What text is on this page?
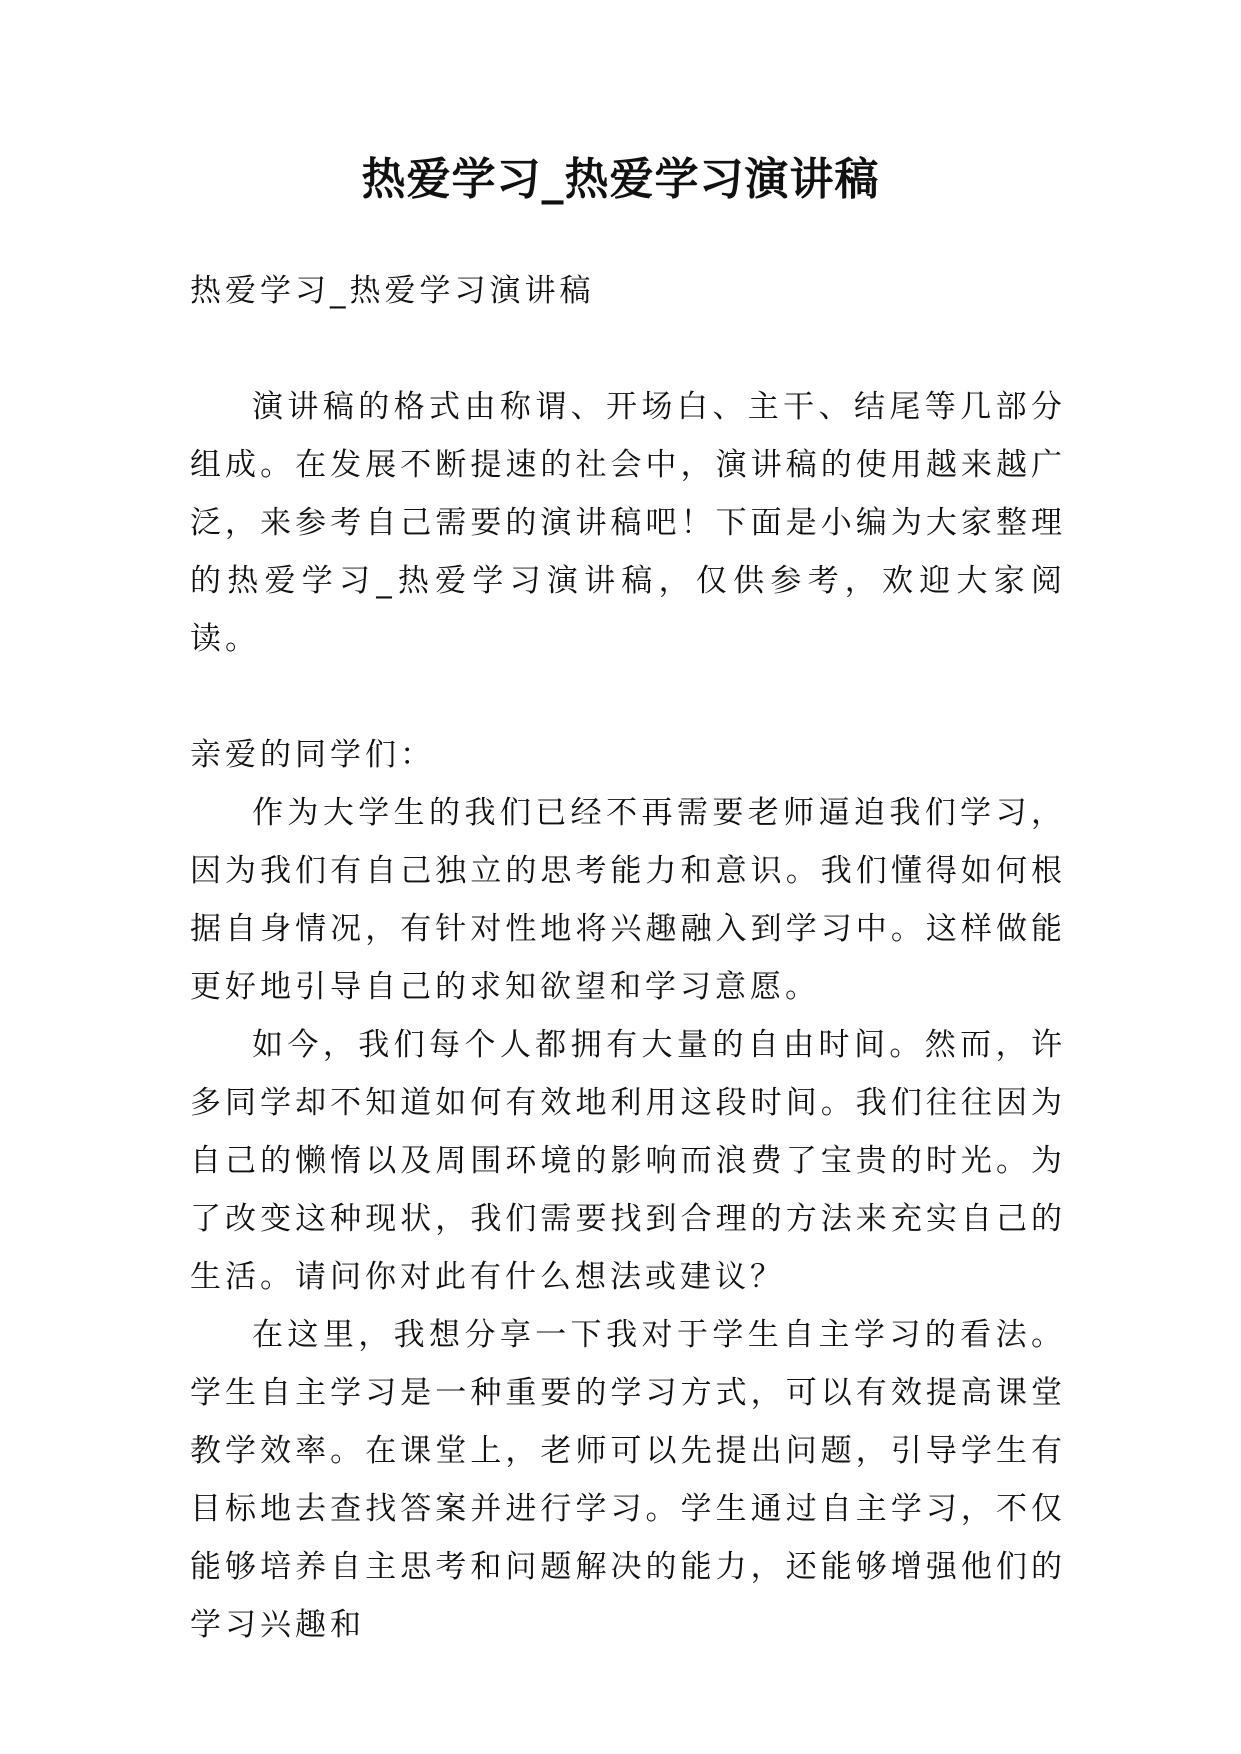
热爱学习_热爱学习演讲稿

热爱学习_热爱学习演讲稿

演讲稿的格式由称谓、开场白、主干、结尾等几部分组成。在发展不断提速的社会中，演讲稿的使用越来越广泛，来参考自己需要的演讲稿吧！下面是小编为大家整理的热爱学习_热爱学习演讲稿，仅供参考，欢迎大家阅读。

亲爱的同学们：

作为大学生的我们已经不再需要老师逼迫我们学习，因为我们有自己独立的思考能力和意识。我们懂得如何根据自身情况，有针对性地将兴趣融入到学习中。这样做能更好地引导自己的求知欲望和学习意愿。

如今，我们每个人都拥有大量的自由时间。然而，许多同学却不知道如何有效地利用这段时间。我们往往因为自己的懒惰以及周围环境的影响而浪费了宝贵的时光。为了改变这种现状，我们需要找到合理的方法来充实自己的生活。请问你对此有什么想法或建议？

在这里，我想分享一下我对于学生自主学习的看法。学生自主学习是一种重要的学习方式，可以有效提高课堂教学效率。在课堂上，老师可以先提出问题，引导学生有目标地去查找答案并进行学习。学生通过自主学习，不仅能够培养自主思考和问题解决的能力，还能够增强他们的学习兴趣和
